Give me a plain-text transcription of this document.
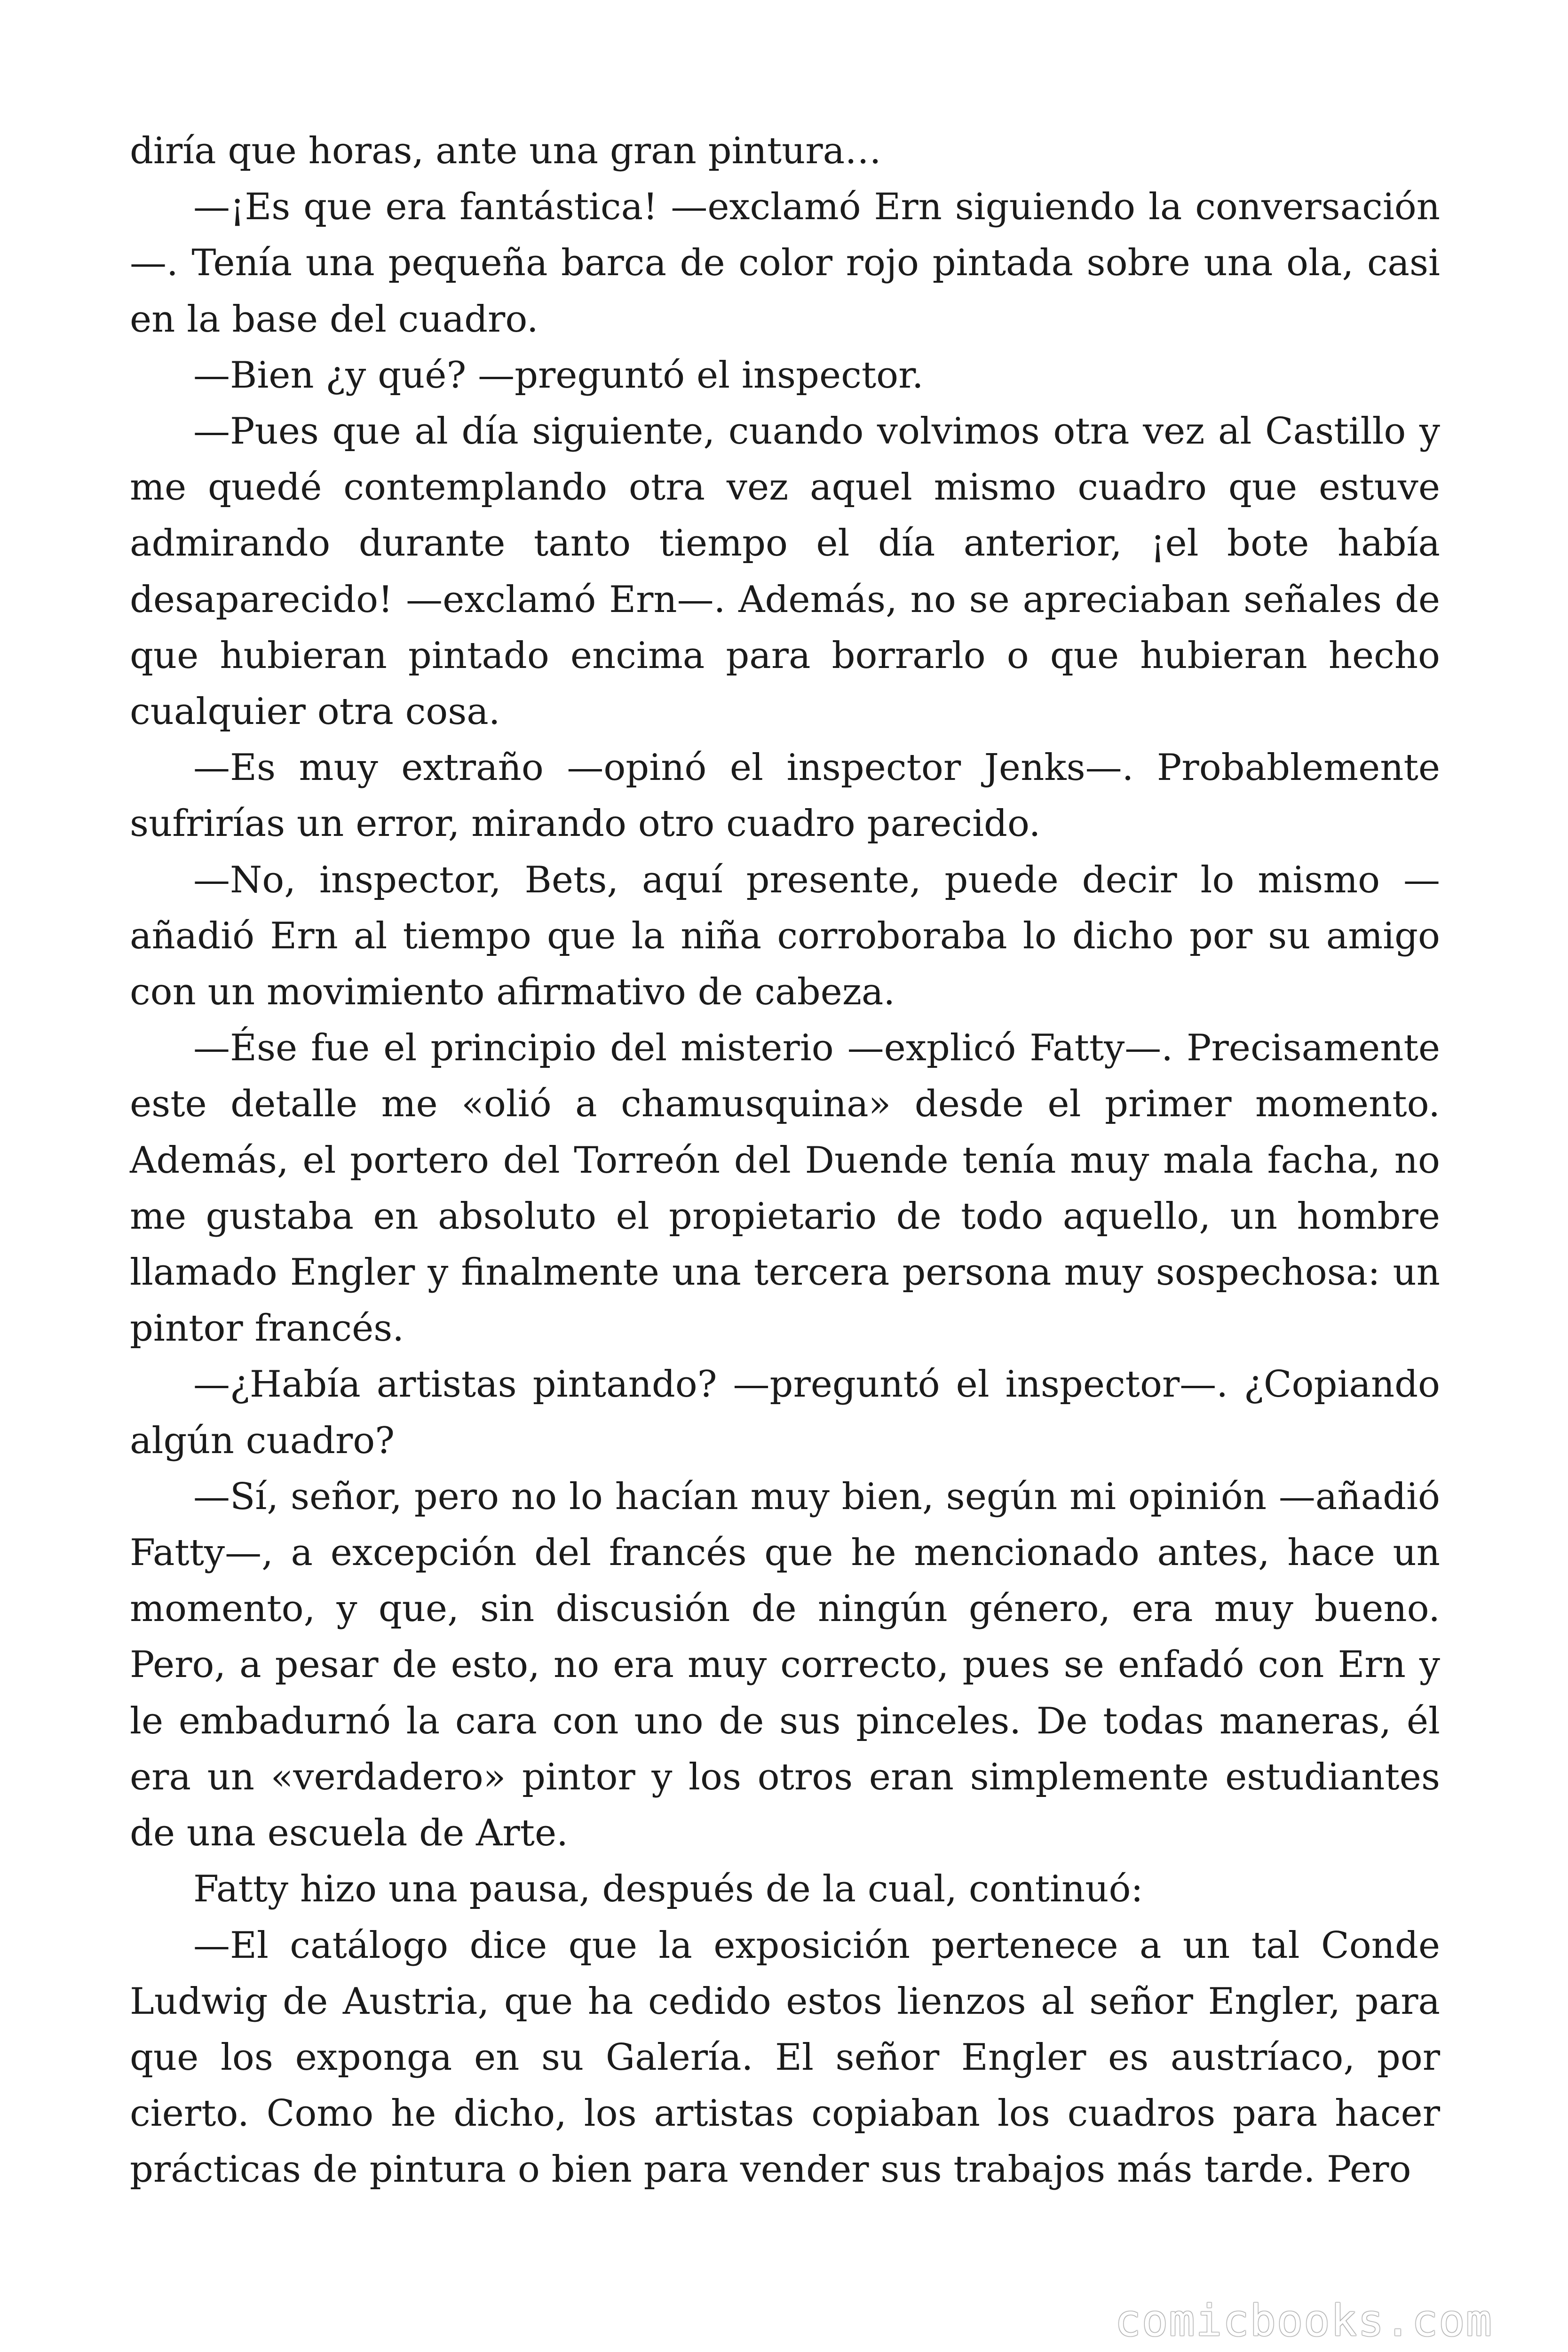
diría que horas, ante una gran pintura…

—¡Es que era fantástica! —exclamó Ern siguiendo la conversación—. Tenía una pequeña barca de color rojo pintada sobre una ola, casi en la base del cuadro.

—Bien ¿y qué? —preguntó el inspector.

—Pues que al día siguiente, cuando volvimos otra vez al Castillo y me quedé contemplando otra vez aquel mismo cuadro que estuve admirando durante tanto tiempo el día anterior, ¡el bote había desaparecido! —exclamó Ern—. Además, no se apreciaban señales de que hubieran pintado encima para borrarlo o que hubieran hecho cualquier otra cosa.

—Es muy extraño —opinó el inspector Jenks—. Probablemente sufrirías un error, mirando otro cuadro parecido.

—No, inspector, Bets, aquí presente, puede decir lo mismo —añadió Ern al tiempo que la niña corroboraba lo dicho por su amigo con un movimiento afirmativo de cabeza.

—Ése fue el principio del misterio —explicó Fatty—. Precisamente este detalle me «olió a chamusquina» desde el primer momento. Además, el portero del Torreón del Duende tenía muy mala facha, no me gustaba en absoluto el propietario de todo aquello, un hombre llamado Engler y finalmente una tercera persona muy sospechosa: un pintor francés.

—¿Había artistas pintando? —preguntó el inspector—. ¿Copiando algún cuadro?

—Sí, señor, pero no lo hacían muy bien, según mi opinión —añadió Fatty—, a excepción del francés que he mencionado antes, hace un momento, y que, sin discusión de ningún género, era muy bueno. Pero, a pesar de esto, no era muy correcto, pues se enfadó con Ern y le embadurnó la cara con uno de sus pinceles. De todas maneras, él era un «verdadero» pintor y los otros eran simplemente estudiantes de una escuela de Arte.

Fatty hizo una pausa, después de la cual, continuó:

—El catálogo dice que la exposición pertenece a un tal Conde Ludwig de Austria, que ha cedido estos lienzos al señor Engler, para que los exponga en su Galería. El señor Engler es austríaco, por cierto. Como he dicho, los artistas copiaban los cuadros para hacer prácticas de pintura o bien para vender sus trabajos más tarde. Pero

comicbooks.com
